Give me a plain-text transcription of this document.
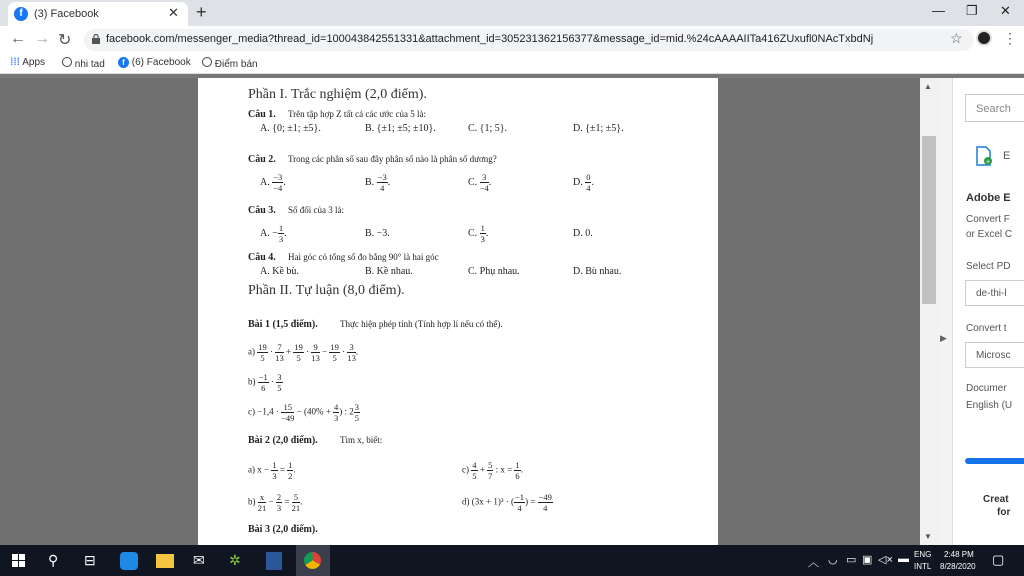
f	(3) Facebook	✕ +	— ❐ ✕
← → ↻	facebook.com/messenger_media?thread_id=100043842551331&attachment_id=305231362156377&message_id=mid.%24cAAAAIITa416ZUxufl0NAcTxbdNj	☆	⋮
⁞⁞⁞ Apps	nhi tad	f (6) Facebook	Điểm bán
Phần I. Trắc nghiệm (2,0 điểm).
Câu 1. Trên tập hợp Z tất cả các ước của 5 là:
A. {0; ±1; ±5}.	B. {±1; ±5; ±10}.	C. {1; 5}.	D. {±1; ±5}.
Câu 2. Trong các phân số sau đây phân số nào là phân số dương?
A. $\frac{-3}{-4}$ .	B. $\frac{-3}{4}$ .	C. $\frac{3}{-4}$ .	D. $\frac{0}{4}$ .
Câu 3. Số đối của 3 là:
A. − $\frac{1}{3}$ .	B. −3.	C. $\frac{1}{3}$ .	D. 0.
Câu 4. Hai góc có tổng số đo bằng 90° là hai góc
A. Kề bù.	B. Kề nhau.	C. Phụ nhau.	D. Bù nhau.
Phần II. Tự luận (8,0 điểm).
Bài 1 (1,5 điểm). Thực hiện phép tính (Tính hợp lí nếu có thể).
$a) \frac{19}{5} \cdot \frac{7}{13} + \frac{19}{5} \cdot \frac{9}{13} - \frac{19}{5} \cdot \frac{3}{13}$ .
$b) \frac{-1}{6} \cdot \frac{3}{5}$
$c) -1,4 \cdot \frac{15}{-49} - (40\% + \frac{4}{3}$ ) : $2 \frac{3}{5}$
Bài 2 (2,0 điểm). Tìm x, biết:
a) $x - \frac{1}{3} = \frac{1}{2}$ .	$c) \frac{4}{5} + \frac{5}{7}$ : $x = \frac{1}{6}$ .
$b) \frac{x}{21} - \frac{2}{3} = \frac{5}{21}$ .	d) (3x + 1)³ · ( $\frac{-1}{4}$ ) = $\frac{-49}{4}$
Bài 3 (2,0 điểm).
▲
▼
▶
Search
+
E
Adobe E
Convert F
or Excel C
Select PD
de-thi-l
Convert t
Microsc
Documer
English (U
Creat
for
⚲ ⊟	✉ ✲	︿ ◡ ▭ ▣ ◁× ▬ ENG
INTL
2:48 PM
8/28/2020 ▢
